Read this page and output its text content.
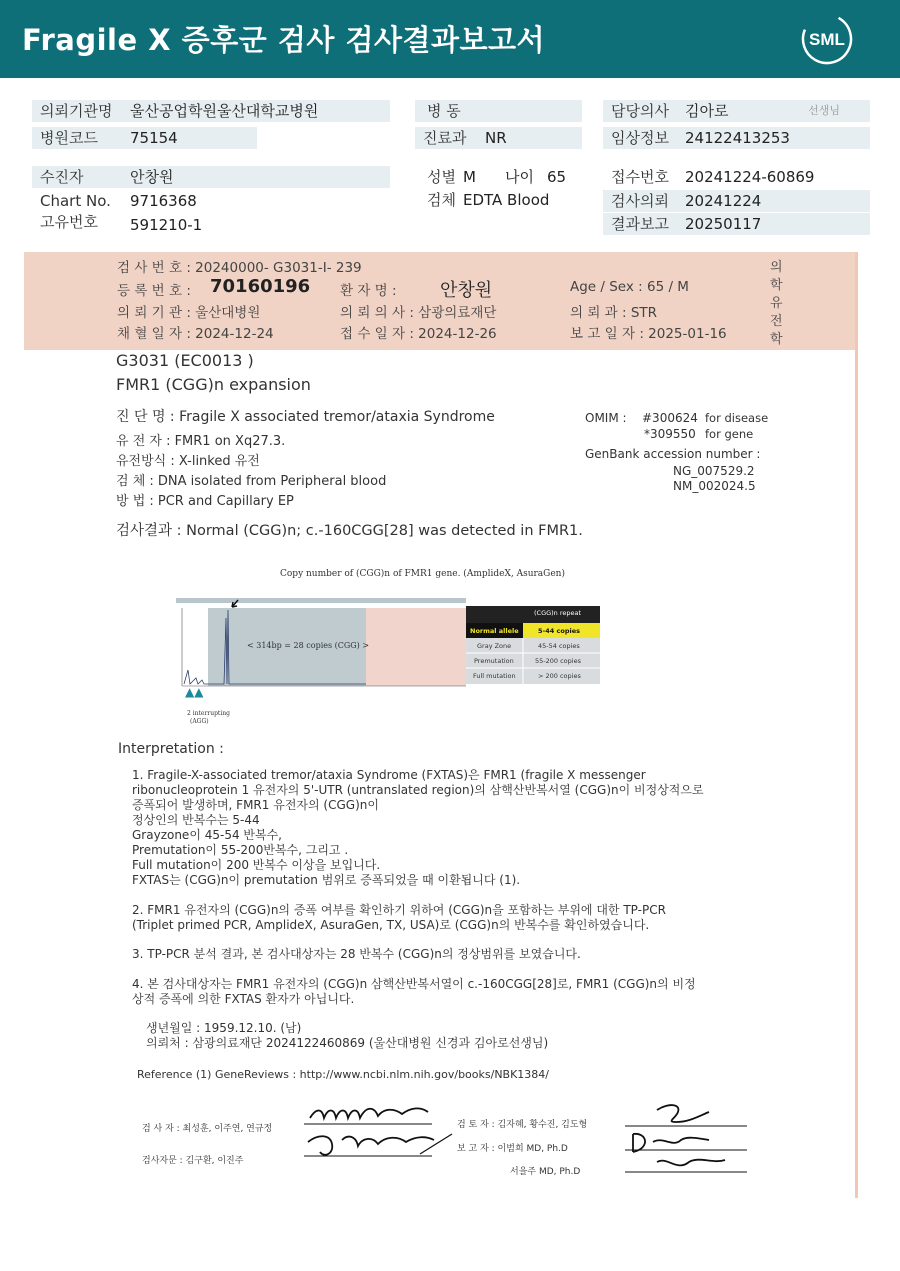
Fragile X 증후군 검사 검사결과보고서	SML
의뢰기관명 울산공업학원울산대학교병원	병 동	담당의사 김아로	선생님
병원코드 75154	진료과 NR	임상정보 24122413253
수진자	안창원	성별 M 나이 65	접수번호 20241224-60869
Chart No. 9716368	검체 EDTA Blood	검사의뢰 20241224
고유번호 591210-1	결과보고 20250117
검 사 번 호 : 20240000- G3031-I- 239
등 록 번 호 : 70160196 환 자 명 : 안창원	Age / Sex : 65 / M
의 뢰 기 관 : 울산대병원	의 뢰 의 사 : 삼광의료재단	의 뢰 과 : STR
채 혈 일 자 : 2024-12-24	접 수 일 자 : 2024-12-26	보 고 일 자 : 2025-01-16
의
학
유
전
학
G3031 (EC0013 )
FMR1 (CGG)n expansion
진 단 명 : Fragile X associated tremor/ataxia Syndrome
유 전 자 : FMR1 on Xq27.3.
유전방식 : X-linked 유전
검 체 : DNA isolated from Peripheral blood
방 법 : PCR and Capillary EP
OMIM : #300624 for disease
*309550 for gene
GenBank accession number :
NG_007529.2
NM_002024.5
검사결과 : Normal (CGG)n; c.-160CGG[28] was detected in FMR1.
Copy number of (CGG)n of FMR1 gene. (AmplideX, AsuraGen)
< 314bp = 28 copies (CGG) >
▲▲
2 interrupting
(AGG)
(CGG)n repeat
Normal allele	5-44 copies
Gray Zone	45-54 copies
Premutation	55-200 copies
Full mutation	> 200 copies
Interpretation :
1. Fragile-X-associated tremor/ataxia Syndrome (FXTAS)은 FMR1 (fragile X messenger
ribonucleoprotein 1 유전자의 5'-UTR (untranslated region)의 삼핵산반복서열 (CGG)n이 비정상적으로
증폭되어 발생하며, FMR1 유전자의 (CGG)n이
정상인의 반복수는 5-44
Grayzone이 45-54 반복수,
Premutation이 55-200반복수, 그리고 .
Full mutation이 200 반복수 이상을 보입니다.
FXTAS는 (CGG)n이 premutation 범위로 증폭되었을 때 이환됩니다 (1).
2. FMR1 유전자의 (CGG)n의 증폭 여부를 확인하기 위하여 (CGG)n을 포함하는 부위에 대한 TP-PCR
(Triplet primed PCR, AmplideX, AsuraGen, TX, USA)로 (CGG)n의 반복수를 확인하였습니다.
3. TP-PCR 분석 결과, 본 검사대상자는 28 반복수 (CGG)n의 정상범위를 보였습니다.
4. 본 검사대상자는 FMR1 유전자의 (CGG)n 삼핵산반복서열이 c.-160CGG[28]로, FMR1 (CGG)n의 비정
상적 증폭에 의한 FXTAS 환자가 아닙니다.
생년월일 : 1959.12.10. (남)
의뢰처 : 삼광의료재단 2024122460869 (울산대병원 신경과 김아로선생님)
Reference (1) GeneReviews : http://www.ncbi.nlm.nih.gov/books/NBK1384/
검 사 자 : 최성훈, 이주연, 연규정
검사자문 : 김구환, 이진주
검 토 자 : 김자혜, 황수진, 김도형
보 고 자 : 이범희 MD, Ph.D
서을주 MD, Ph.D
